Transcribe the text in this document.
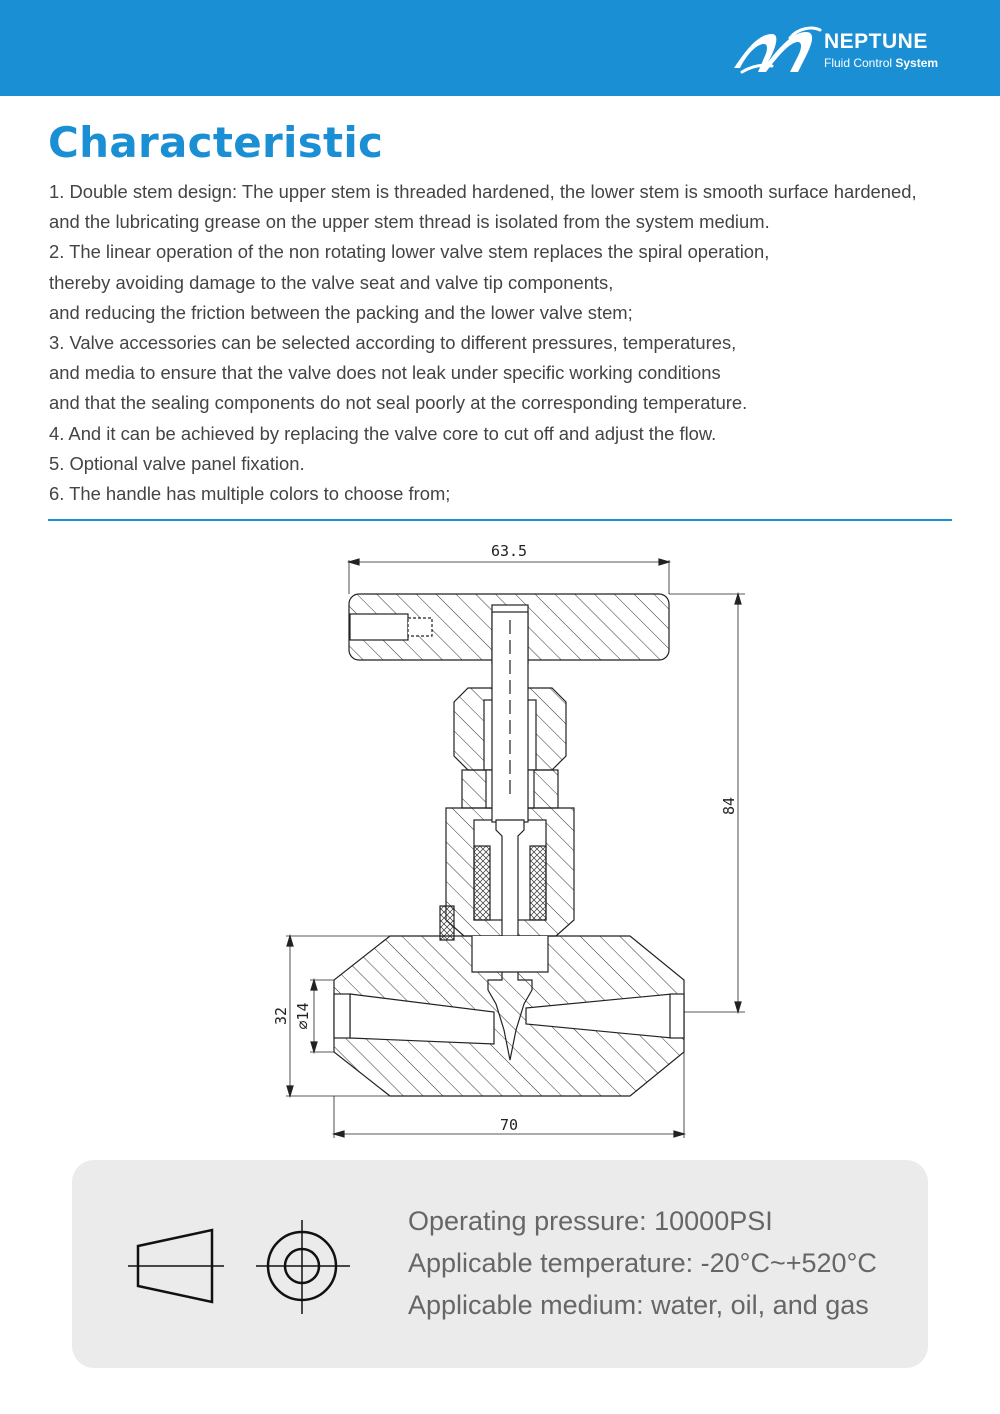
NEPTUNE
Fluid Control System
Characteristic
1. Double stem design: The upper stem is threaded hardened, the lower stem is smooth surface hardened,
and the lubricating grease on the upper stem thread is isolated from the system medium.
2. The linear operation of the non rotating lower valve stem replaces the spiral operation,
thereby avoiding damage to the valve seat and valve tip components,
and reducing the friction between the packing and the lower valve stem;
3. Valve accessories can be selected according to different pressures, temperatures,
and media to ensure that the valve does not leak under specific working conditions
and that the sealing components do not seal poorly at the corresponding temperature.
4. And it can be achieved by replacing the valve core to cut off and adjust the flow.
5. Optional valve panel fixation.
6. The handle has multiple colors to choose from;
63.5
84
32 ⌀14
70
Operating pressure: 10000PSI
Applicable temperature: -20°C~+520°C
Applicable medium: water, oil, and gas
